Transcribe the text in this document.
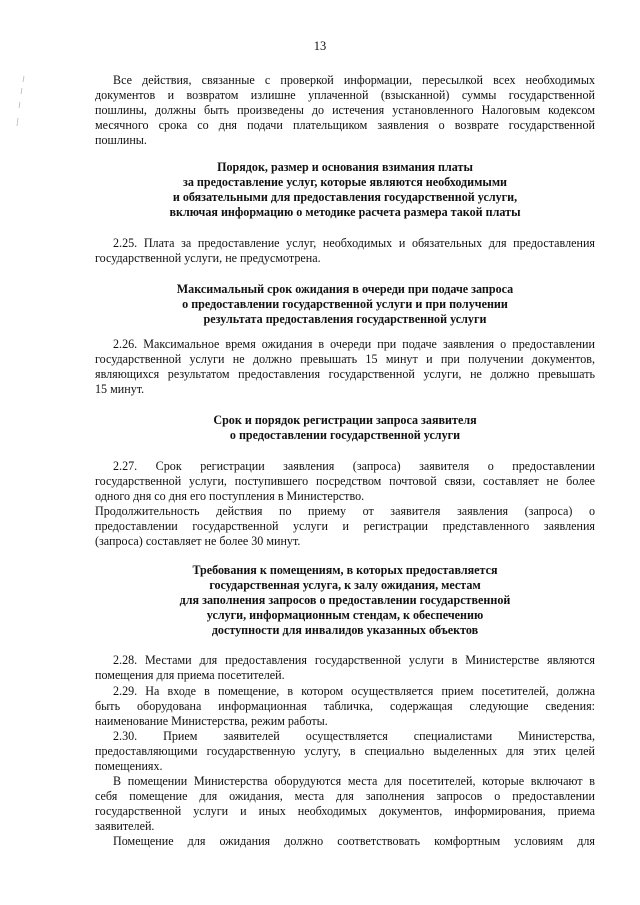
13
Все действия, связанные с проверкой информации, пересылкой всех необходимых
документов и возвратом излишне уплаченной (взысканной) суммы государственной
пошлины, должны быть произведены до истечения установленного Налоговым кодексом
месячного срока со дня подачи плательщиком заявления о возврате государственной
пошлины.
Порядок, размер и основания взимания платы
за предоставление услуг, которые являются необходимыми
и обязательными для предоставления государственной услуги,
включая информацию о методике расчета размера такой платы
2.25. Плата за предоставление услуг, необходимых и обязательных для предоставления
государственной услуги, не предусмотрена.
Максимальный срок ожидания в очереди при подаче запроса
о предоставлении государственной услуги и при получении
результата предоставления государственной услуги
2.26. Максимальное время ожидания в очереди при подаче заявления о предоставлении
государственной услуги не должно превышать 15 минут и при получении документов,
являющихся результатом предоставления государственной услуги, не должно превышать
15 минут.
Срок и порядок регистрации запроса заявителя
о предоставлении государственной услуги
2.27. Срок регистрации заявления (запроса) заявителя о предоставлении
государственной услуги, поступившего посредством почтовой связи, составляет не более
одного дня со дня его поступления в Министерство.
Продолжительность действия по приему от заявителя заявления (запроса) о
предоставлении государственной услуги и регистрации представленного заявления
(запроса) составляет не более 30 минут.
Требования к помещениям, в которых предоставляется
государственная услуга, к залу ожидания, местам
для заполнения запросов о предоставлении государственной
услуги, информационным стендам, к обеспечению
доступности для инвалидов указанных объектов
2.28. Местами для предоставления государственной услуги в Министерстве являются
помещения для приема посетителей.
2.29. На входе в помещение, в котором осуществляется прием посетителей, должна
быть оборудована информационная табличка, содержащая следующие сведения:
наименование Министерства, режим работы.
2.30. Прием заявителей осуществляется специалистами Министерства,
предоставляющими государственную услугу, в специально выделенных для этих целей
помещениях.
В помещении Министерства оборудуются места для посетителей, которые включают в
себя помещение для ожидания, места для заполнения запросов о предоставлении
государственной услуги и иных необходимых документов, информирования, приема
заявителей.
Помещение для ожидания должно соответствовать комфортным условиям для
